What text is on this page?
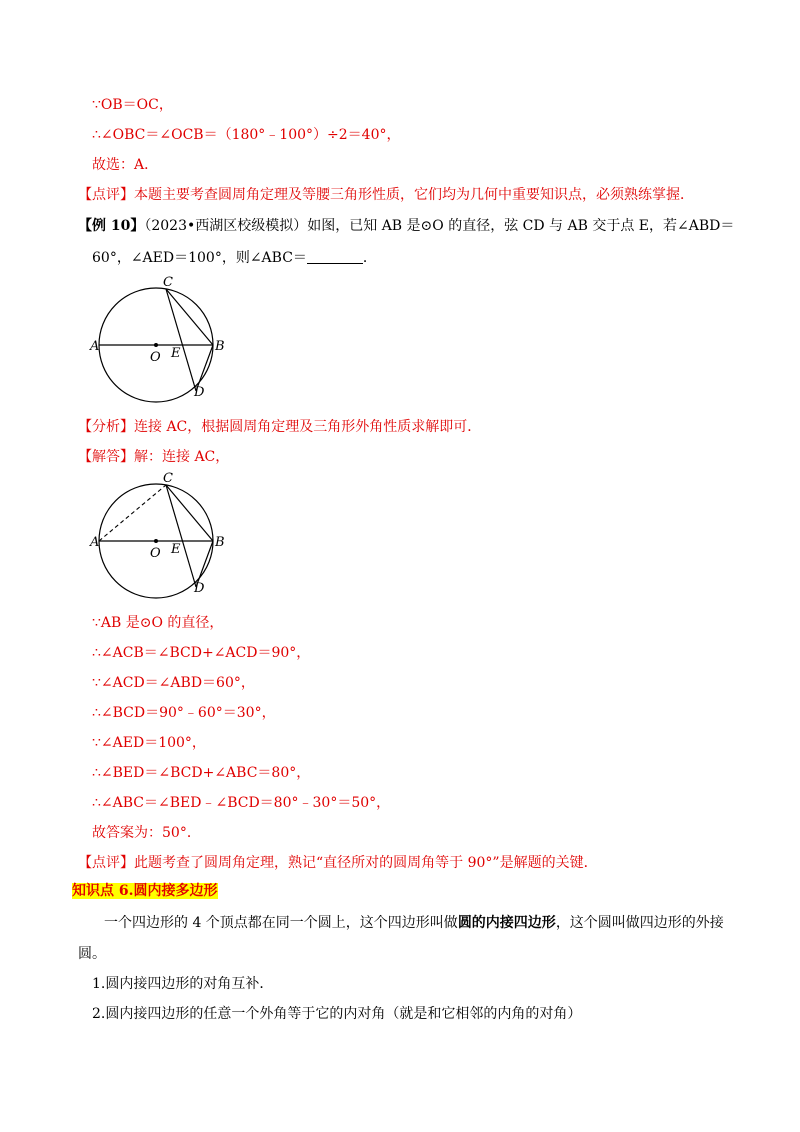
∵OB＝OC，
∴∠OBC＝∠OCB＝（180°﹣100°）÷2＝40°，
故选：A．
【点评】本题主要考查圆周角定理及等腰三角形性质，它们均为几何中重要知识点，必须熟练掌握．
【例 10】（2023•西湖区校级模拟）如图，已知 AB 是⊙O 的直径，弦 CD 与 AB 交于点 E，若∠ABD＝
60°，∠AED＝100°，则∠ABC＝	．
A	B
C
D
E
O
【分析】连接 AC，根据圆周角定理及三角形外角性质求解即可．
【解答】解：连接 AC，
A	B
C
D
E
O
∵AB 是⊙O 的直径，
∴∠ACB＝∠BCD+∠ACD＝90°，
∵∠ACD＝∠ABD＝60°，
∴∠BCD＝90°﹣60°＝30°，
∵∠AED＝100°，
∴∠BED＝∠BCD+∠ABC＝80°，
∴∠ABC＝∠BED﹣∠BCD＝80°﹣30°＝50°，
故答案为：50°．
【点评】此题考查了圆周角定理，熟记“直径所对的圆周角等于 90°”是解题的关键．
知识点 6.圆内接多边形
一个四边形的 4 个顶点都在同一个圆上，这个四边形叫做圆的内接四边形，这个圆叫做四边形的外接
圆。
1.圆内接四边形的对角互补．
2.圆内接四边形的任意一个外角等于它的内对角（就是和它相邻的内角的对角）
